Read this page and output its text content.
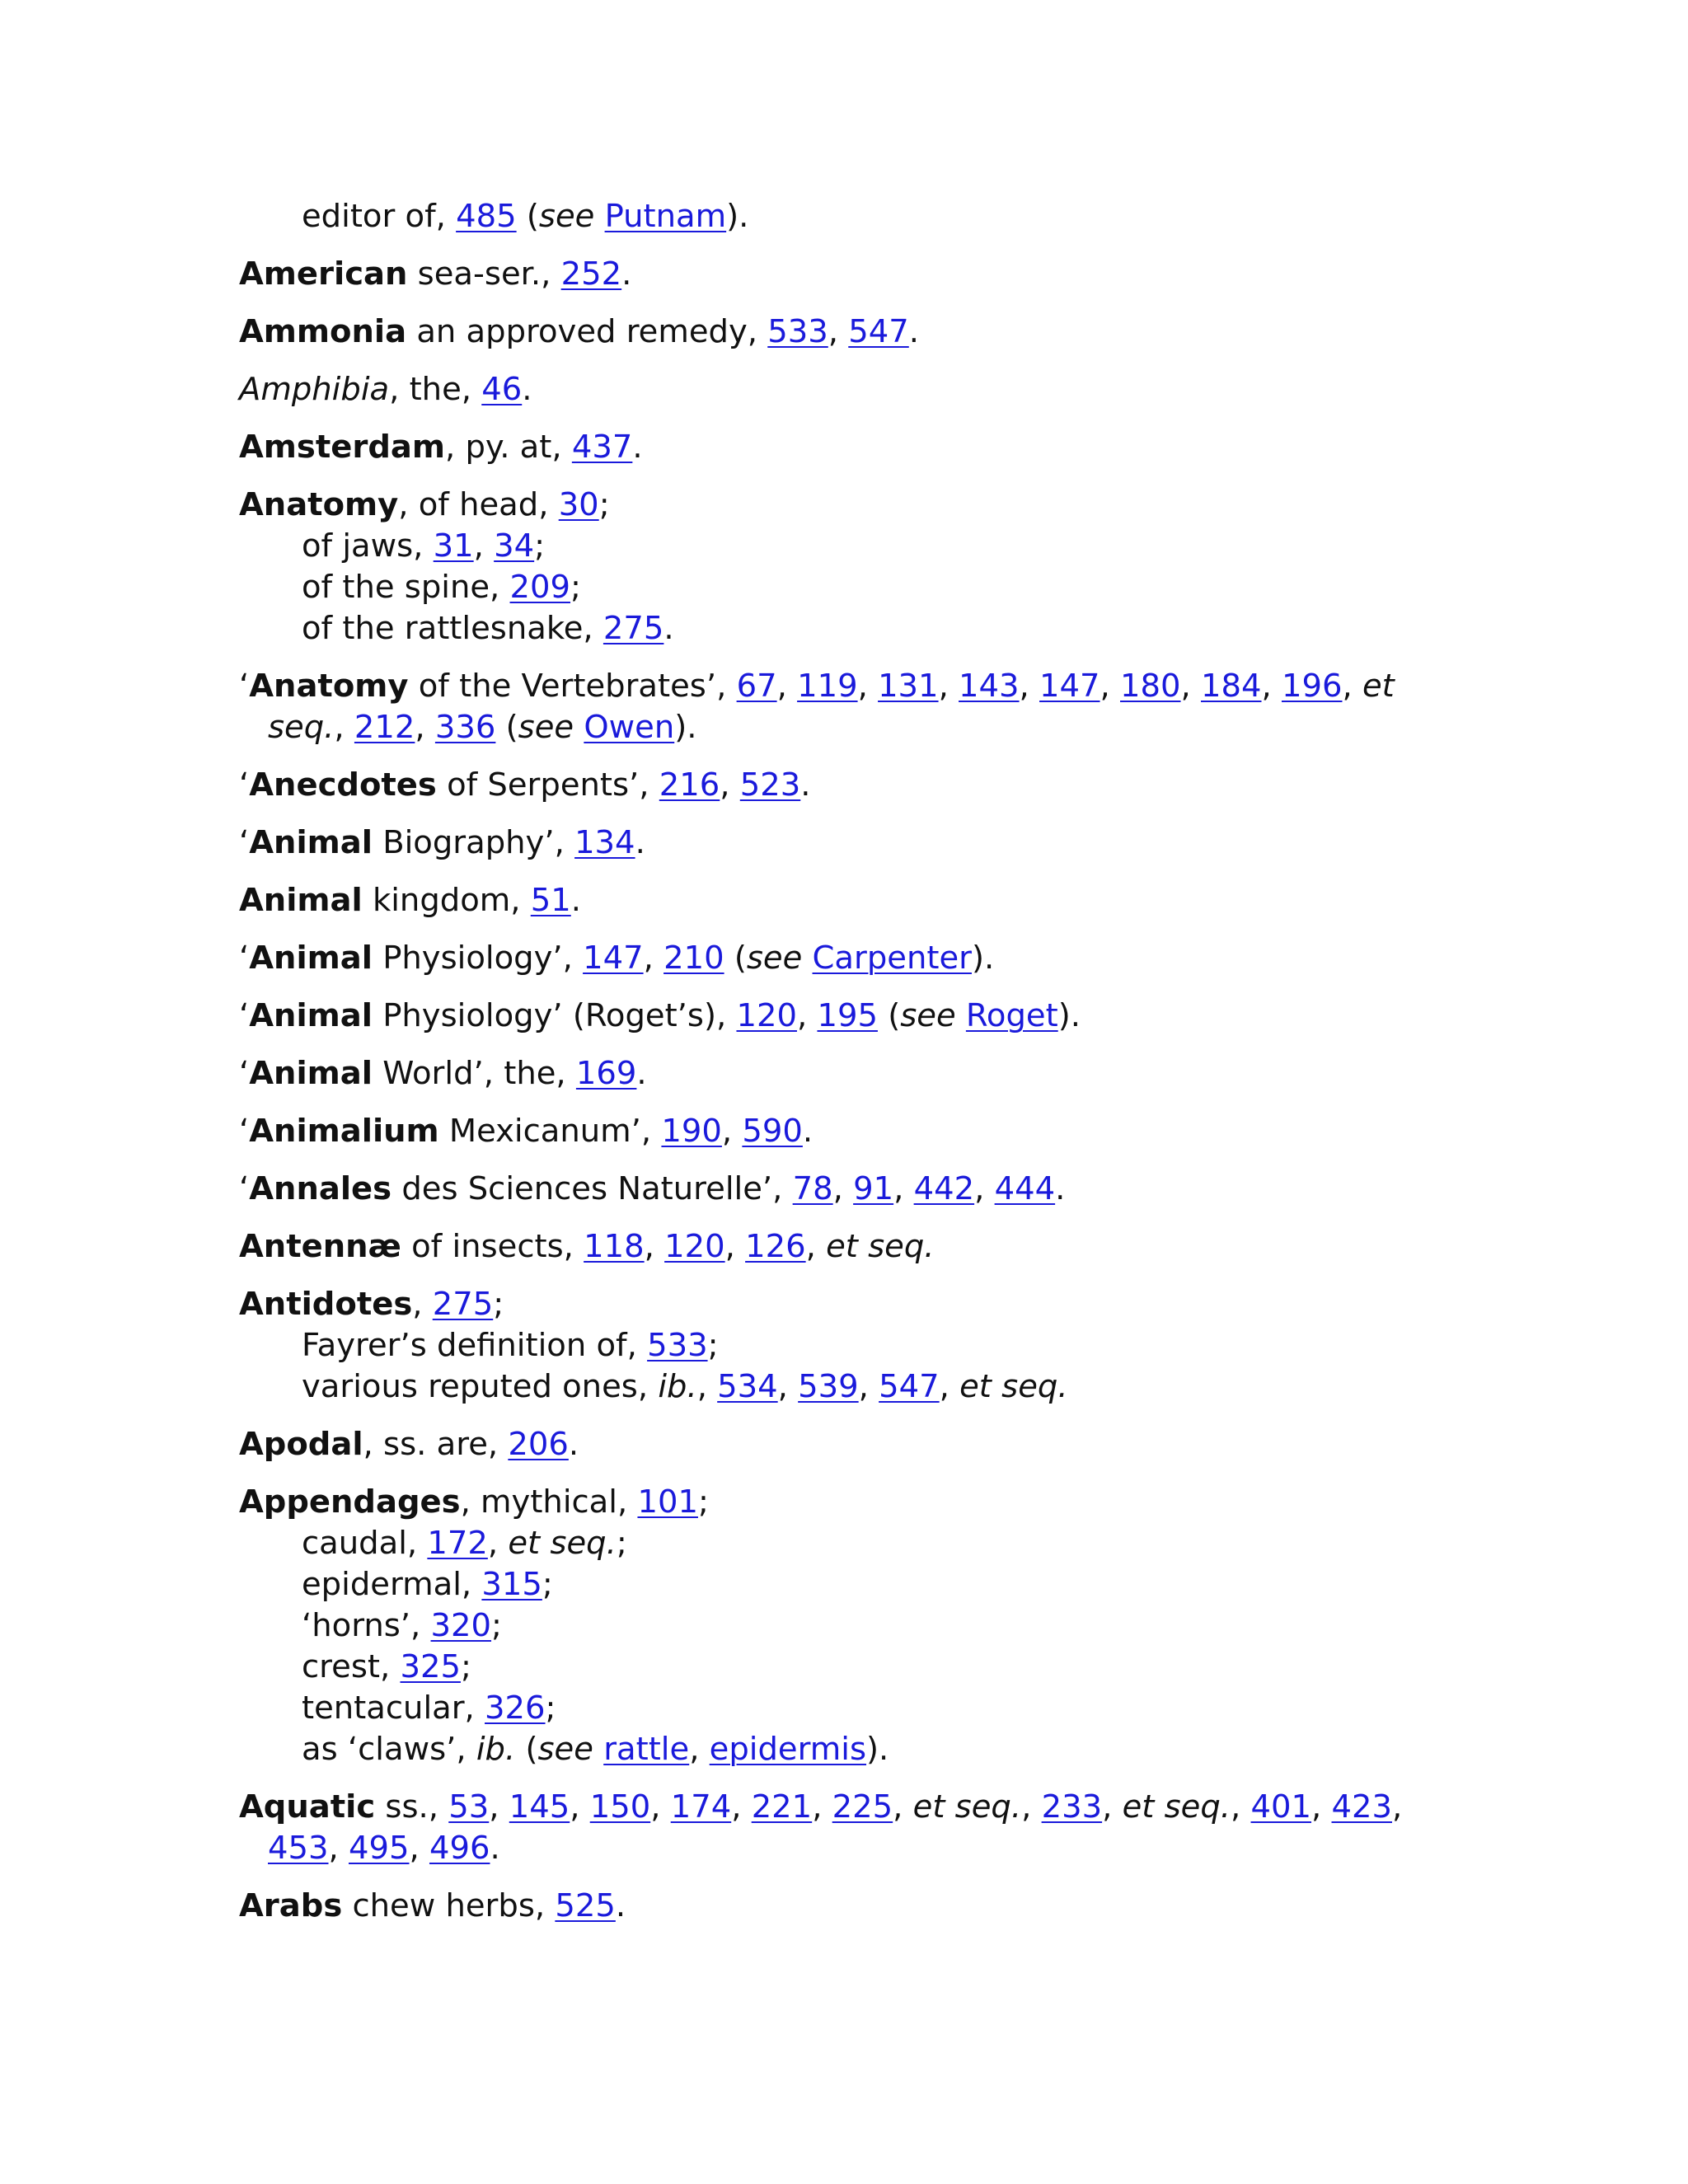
editor of, 485 (see Putnam).
American sea-ser., 252.
Ammonia an approved remedy, 533, 547.
Amphibia, the, 46.
Amsterdam, py. at, 437.
Anatomy, of head, 30;
of jaws, 31, 34;
of the spine, 209;
of the rattlesnake, 275.
‘Anatomy of the Vertebrates’, 67, 119, 131, 143, 147, 180, 184, 196, et seq., 212, 336 (see Owen).
‘Anecdotes of Serpents’, 216, 523.
‘Animal Biography’, 134.
Animal kingdom, 51.
‘Animal Physiology’, 147, 210 (see Carpenter).
‘Animal Physiology’ (Roget’s), 120, 195 (see Roget).
‘Animal World’, the, 169.
‘Animalium Mexicanum’, 190, 590.
‘Annales des Sciences Naturelle’, 78, 91, 442, 444.
Antennæ of insects, 118, 120, 126, et seq.
Antidotes, 275;
Fayrer’s definition of, 533;
various reputed ones, ib., 534, 539, 547, et seq.
Apodal, ss. are, 206.
Appendages, mythical, 101;
caudal, 172, et seq.;
epidermal, 315;
‘horns’, 320;
crest, 325;
tentacular, 326;
as ‘claws’, ib. (see rattle, epidermis).
Aquatic ss., 53, 145, 150, 174, 221, 225, et seq., 233, et seq., 401, 423, 453, 495, 496.
Arabs chew herbs, 525.
